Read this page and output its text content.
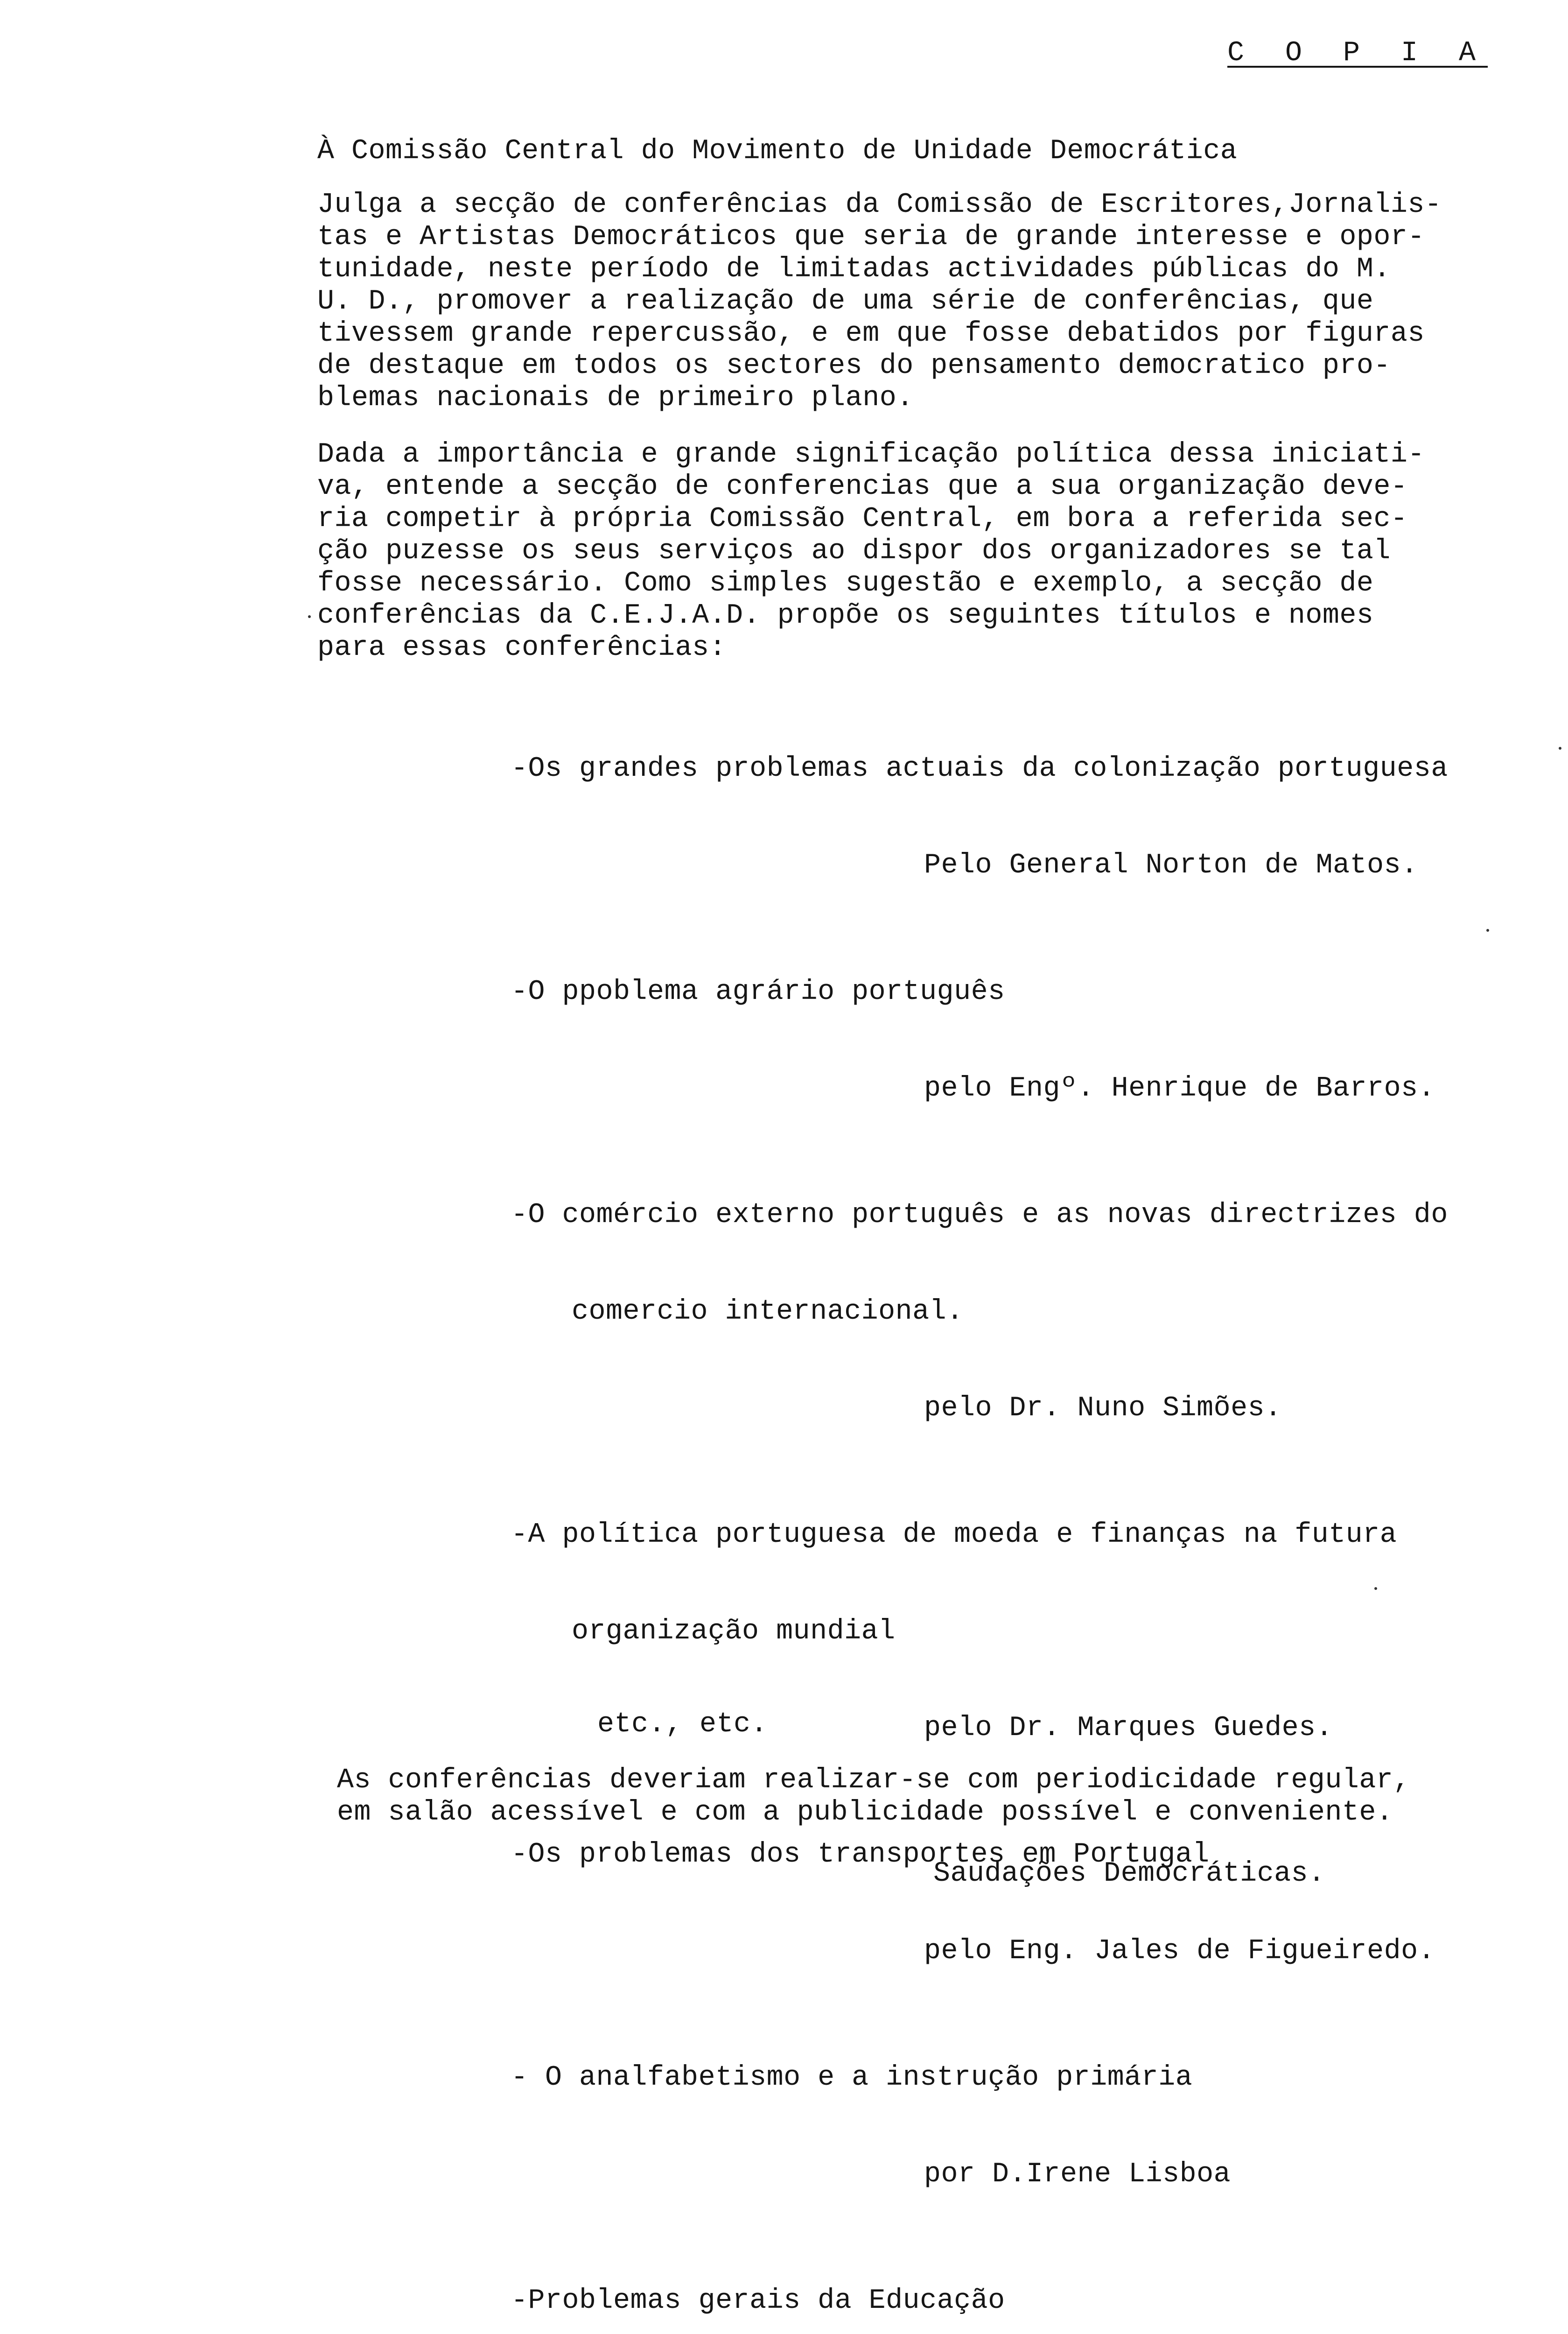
C O P I A
À Comissão Central do Movimento de Unidade Democrática

Julga a secção de conferências da Comissão de Escritores,Jornalis-
tas e Artistas Democráticos que seria de grande interesse e opor-
tunidade, neste período de limitadas actividades públicas do M.
U. D., promover a realização de uma série de conferências, que
tivessem grande repercussão, e em que fosse debatidos por figuras
de destaque em todos os sectores do pensamento democratico pro-
blemas nacionais de primeiro plano.

Dada a importância e grande significação política dessa iniciati-
va, entende a secção de conferencias que a sua organização deve-
ria competir à própria Comissão Central, em bora a referida sec-
ção puzesse os seus serviços ao dispor dos organizadores se tal
fosse necessário. Como simples sugestão e exemplo, a secção de
conferências da C.E.J.A.D. propõe os seguintes títulos e nomes
para essas conferências:

-Os grandes problemas actuais da colonização portuguesa

Pelo General Norton de Matos.

-O ppoblema agrário português

pelo Engº. Henrique de Barros.

-O comércio externo português e as novas directrizes do

comercio internacional.

pelo Dr. Nuno Simões.

-A política portuguesa de moeda e finanças na futura

organização mundial

pelo Dr. Marques Guedes.

-Os problemas dos transportes em Portugal

pelo Eng. Jales de Figueiredo.

- O analfabetismo e a instrução primária

por D.Irene Lisboa

-Problemas gerais da Educação

etc., etc.
As conferências deveriam realizar-se com periodicidade regular,
em salão acessível e com a publicidade possível e conveniente.
Saudações Democráticas.
